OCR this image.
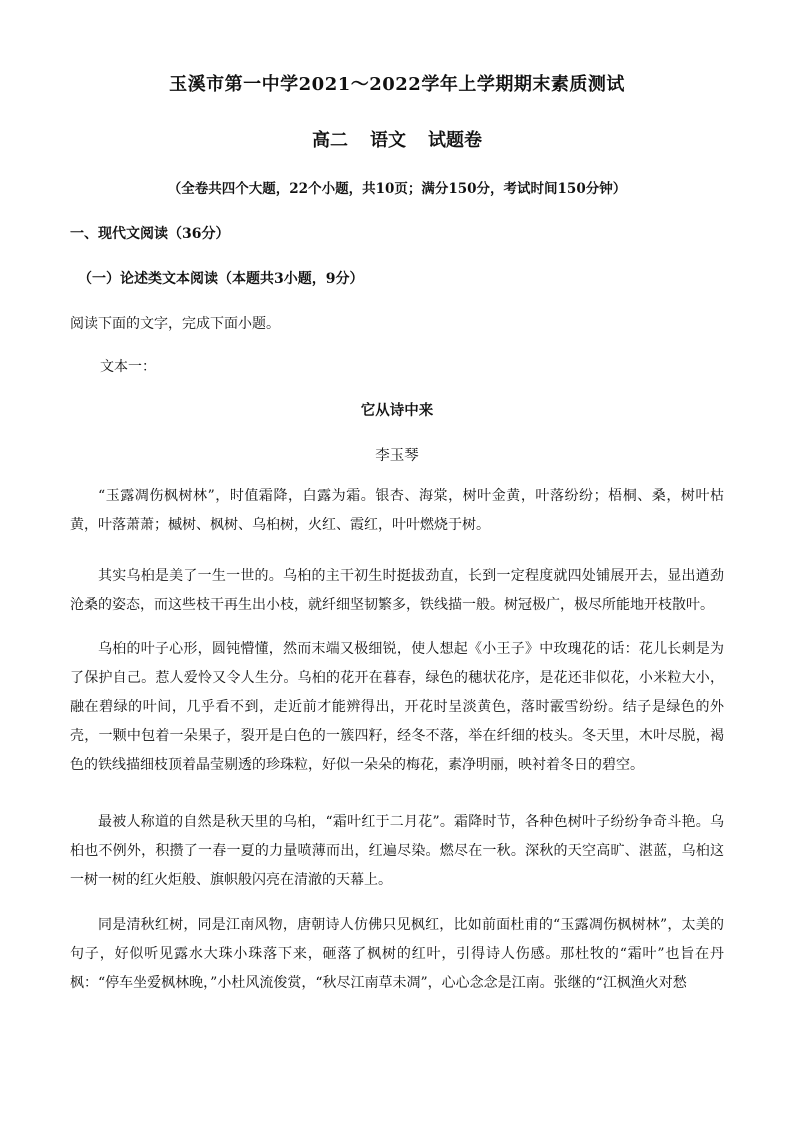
玉溪市第一中学2021～2022学年上学期期末素质测试
高二 语文 试题卷
（全卷共四个大题，22个小题，共10页；满分150分，考试时间150分钟）
一、现代文阅读（36分）
（一）论述类文本阅读（本题共3小题，9分）
阅读下面的文字，完成下面小题。
文本一：
它从诗中来
李玉琴

“玉露凋伤枫树林”，时值霜降，白露为霜。银杏、海棠，树叶金黄，叶落纷纷；梧桐、桑，树叶枯黄，叶落萧萧；槭树、枫树、乌桕树，火红、霞红，叶叶燃烧于树。

其实乌桕是美了一生一世的。乌桕的主干初生时挺拔劲直，长到一定程度就四处铺展开去，显出遒劲沧桑的姿态，而这些枝干再生出小枝，就纤细坚韧繁多，铁线描一般。树冠极广，极尽所能地开枝散叶。

乌桕的叶子心形，圆钝懵懂，然而末端又极细锐，使人想起《小王子》中玫瑰花的话：花儿长刺是为了保护自己。惹人爱怜又令人生分。乌桕的花开在暮春，绿色的穗状花序，是花还非似花，小米粒大小，融在碧绿的叶间，几乎看不到，走近前才能辨得出，开花时呈淡黄色，落时霰雪纷纷。结子是绿色的外壳，一颗中包着一朵果子，裂开是白色的一簇四籽，经冬不落，举在纤细的枝头。冬天里，木叶尽脱，褐色的铁线描细枝顶着晶莹剔透的珍珠粒，好似一朵朵的梅花，素净明丽，映衬着冬日的碧空。

最被人称道的自然是秋天里的乌桕，“霜叶红于二月花”。霜降时节，各种色树叶子纷纷争奇斗艳。乌桕也不例外，积攒了一春一夏的力量喷薄而出，红遍尽染。燃尽在一秋。深秋的天空高旷、湛蓝，乌桕这一树一树的红火炬般、旗帜般闪亮在清澈的天幕上。

同是清秋红树，同是江南风物，唐朝诗人仿佛只见枫红，比如前面杜甫的“玉露凋伤枫树林”，太美的句子，好似听见露水大珠小珠落下来，砸落了枫树的红叶，引得诗人伤感。那杜牧的“霜叶”也旨在丹枫：“停车坐爱枫林晚，”小杜风流俊赏，“秋尽江南草未凋”，心心念念是江南。张继的“江枫渔火对愁
